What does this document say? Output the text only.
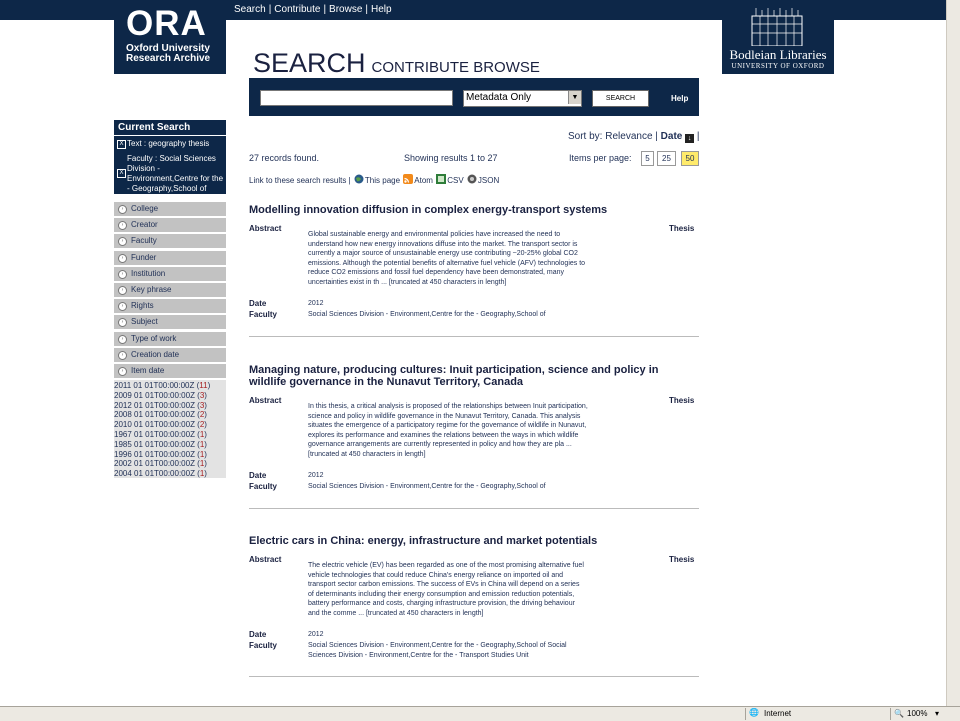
Search | Contribute | Browse | Help
ORA
Oxford University
Research Archive	Bodleian Libraries
UNIVERSITY OF OXFORD
SEARCH CONTRIBUTE BROWSE
Metadata Only	▼	SEARCH	Help
Current Search
X Text : geography thesis
X
Faculty : Social Sciences
Division -
Environment,Centre for the
- Geography,School of
› College
› Creator
› Faculty
› Funder
› Institution
› Key phrase
› Rights
› Subject
› Type of work
› Creation date
› Item date
2011 01 01T00:00:00Z (11)
2009 01 01T00:00:00Z (3)
2012 01 01T00:00:00Z (3)
2008 01 01T00:00:00Z (2)
2010 01 01T00:00:00Z (2)
1967 01 01T00:00:00Z (1)
1985 01 01T00:00:00Z (1)
1996 01 01T00:00:00Z (1)
2002 01 01T00:00:00Z (1)
2004 01 01T00:00:00Z (1)
Sort by: Relevance | Date ↓ |
27 records found.	Showing results 1 to 27	Items per page:	5	25	50
Link to these search results | This page Atom CSV JSON
Modelling innovation diffusion in complex energy-transport systems
Abstract	Thesis
Global sustainable energy and environmental policies have increased the need to
understand how new energy innovations diffuse into the market. The transport sector is
currently a major source of unsustainable energy use contributing ~20-25% global CO2
emissions. Although the potential benefits of alternative fuel vehicle (AFV) technologies to
reduce CO2 emissions and fossil fuel dependency have been demonstrated, many
uncertainties exist in th ... [truncated at 450 characters in length]
Date	2012
Faculty	Social Sciences Division - Environment,Centre for the - Geography,School of
Managing nature, producing cultures: Inuit participation, science and policy in
wildlife governance in the Nunavut Territory, Canada
Abstract	Thesis
In this thesis, a critical analysis is proposed of the relationships between Inuit participation,
science and policy in wildlife governance in the Nunavut Territory, Canada. This analysis
situates the emergence of a participatory regime for the governance of wildlife in Nunavut,
explores its performance and examines the relations between the ways in which wildlife
governance arrangements are currently represented in policy and how they are pla ...
[truncated at 450 characters in length]
Date	2012
Faculty	Social Sciences Division - Environment,Centre for the - Geography,School of
Electric cars in China: energy, infrastructure and market potentials
Abstract	Thesis
The electric vehicle (EV) has been regarded as one of the most promising alternative fuel
vehicle technologies that could reduce China's energy reliance on imported oil and
transport sector carbon emissions. The success of EVs in China will depend on a series
of determinants including their energy consumption and emission reduction potentials,
battery performance and costs, charging infrastructure provision, the driving behaviour
and the comme ... [truncated at 450 characters in length]
Date	2012
Faculty	Social Sciences Division - Environment,Centre for the - Geography,School of Social
Sciences Division - Environment,Centre for the - Transport Studies Unit
🌐 Internet	🔍 100% ▾
